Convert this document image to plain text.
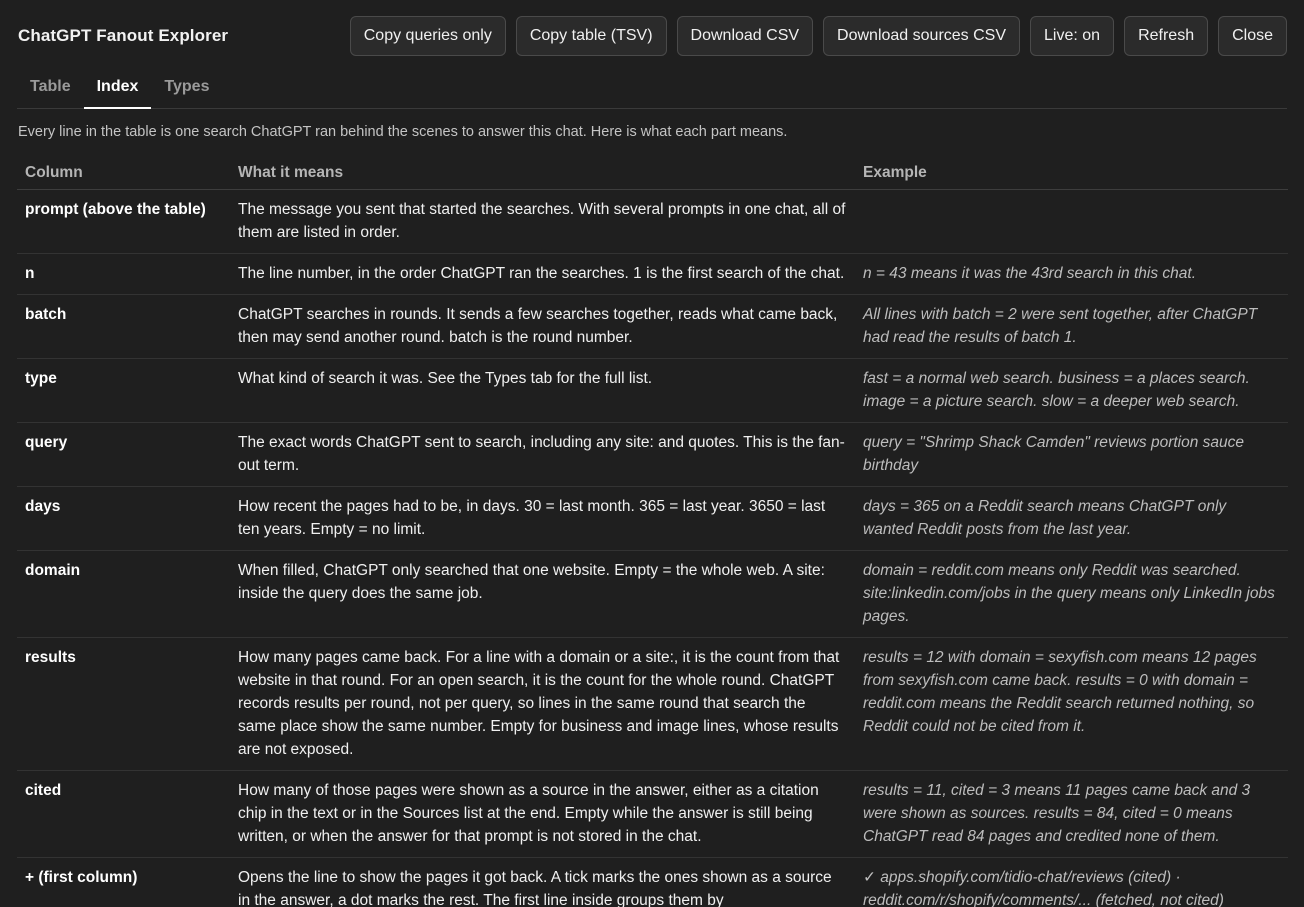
ChatGPT Fanout Explorer	Copy queries only	Copy table (TSV)	Download CSV	Download sources CSV	Live: on	Refresh	Close
Table	Index	Types
Every line in the table is one search ChatGPT ran behind the scenes to answer this chat. Here is what each part means.
Column	What it means	Example
prompt (above the table)	The message you sent that started the searches. With several prompts in one chat, all of them are listed in order.	
n	The line number, in the order ChatGPT ran the searches. 1 is the first search of the chat.	n = 43 means it was the 43rd search in this chat.
batch	ChatGPT searches in rounds. It sends a few searches together, reads what came back, then may send another round. batch is the round number.	All lines with batch = 2 were sent together, after ChatGPT had read the results of batch 1.
type	What kind of search it was. See the Types tab for the full list.	fast = a normal web search. business = a places search. image = a picture search. slow = a deeper web search.
query	The exact words ChatGPT sent to search, including any site: and quotes. This is the fan-out term.	query = "Shrimp Shack Camden" reviews portion sauce birthday
days	How recent the pages had to be, in days. 30 = last month. 365 = last year. 3650 = last ten years. Empty = no limit.	days = 365 on a Reddit search means ChatGPT only wanted Reddit posts from the last year.
domain	When filled, ChatGPT only searched that one website. Empty = the whole web. A site: inside the query does the same job.	domain = reddit.com means only Reddit was searched. site:linkedin.com/jobs in the query means only LinkedIn jobs pages.
results	How many pages came back. For a line with a domain or a site:, it is the count from that website in that round. For an open search, it is the count for the whole round. ChatGPT records results per round, not per query, so lines in the same round that search the same place show the same number. Empty for business and image lines, whose results are not exposed.	results = 12 with domain = sexyfish.com means 12 pages from sexyfish.com came back. results = 0 with domain = reddit.com means the Reddit search returned nothing, so Reddit could not be cited from it.
cited	How many of those pages were shown as a source in the answer, either as a citation chip in the text or in the Sources list at the end. Empty while the answer is still being written, or when the answer for that prompt is not stored in the chat.	results = 11, cited = 3 means 11 pages came back and 3 were shown as sources. results = 84, cited = 0 means ChatGPT read 84 pages and credited none of them.
+ (first column)	Opens the line to show the pages it got back. A tick marks the ones shown as a source in the answer, a dot marks the rest. The first line inside groups them by	✓ apps.shopify.com/tidio-chat/reviews (cited) · reddit.com/r/shopify/comments/... (fetched, not cited)
